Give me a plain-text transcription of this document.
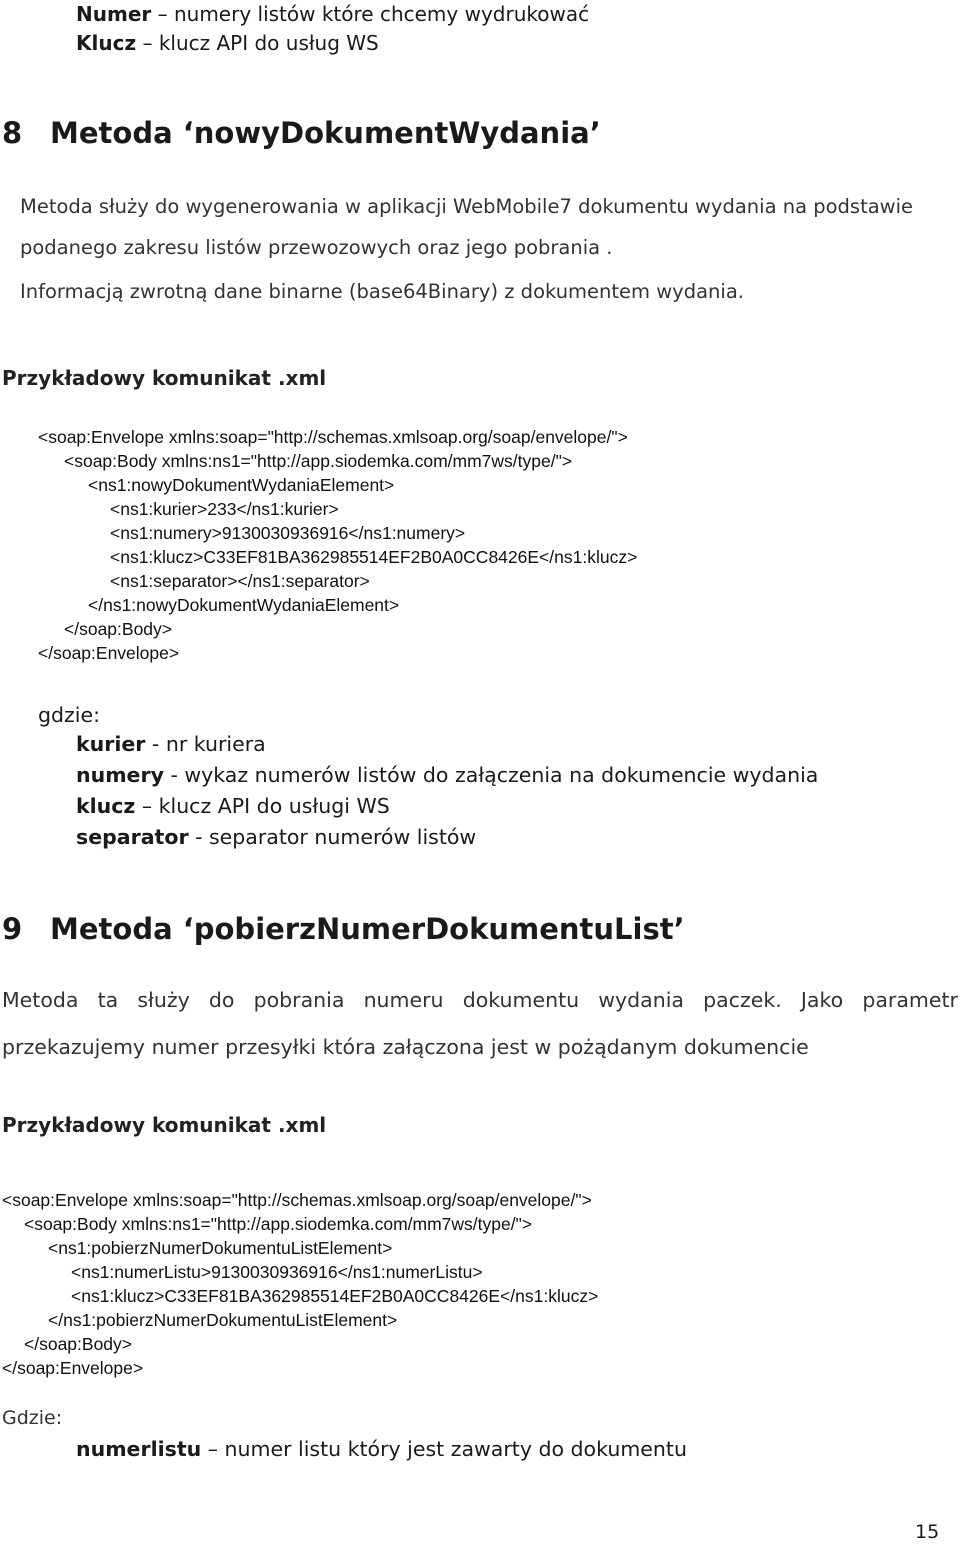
Numer – numery listów które chcemy wydrukować
Klucz – klucz API do usług WS
8 Metoda ‘nowyDokumentWydania’
Metoda służy do wygenerowania w aplikacji WebMobile7 dokumentu wydania na podstawie
podanego zakresu listów przewozowych oraz jego pobrania .
Informacją zwrotną dane binarne (base64Binary) z dokumentem wydania.
Przykładowy komunikat .xml
<soap:Envelope xmlns:soap="http://schemas.xmlsoap.org/soap/envelope/">
<soap:Body xmlns:ns1="http://app.siodemka.com/mm7ws/type/">
<ns1:nowyDokumentWydaniaElement>
<ns1:kurier>233</ns1:kurier>
<ns1:numery>9130030936916</ns1:numery>
<ns1:klucz>C33EF81BA362985514EF2B0A0CC8426E</ns1:klucz>
<ns1:separator></ns1:separator>
</ns1:nowyDokumentWydaniaElement>
</soap:Body>
</soap:Envelope>
gdzie:
kurier - nr kuriera
numery - wykaz numerów listów do załączenia na dokumencie wydania
klucz – klucz API do usługi WS
separator - separator numerów listów
9 Metoda ‘pobierzNumerDokumentuList’
Metoda ta służy do pobrania numeru dokumentu wydania paczek. Jako parametr
przekazujemy numer przesyłki która załączona jest w pożądanym dokumencie
Przykładowy komunikat .xml
<soap:Envelope xmlns:soap="http://schemas.xmlsoap.org/soap/envelope/">
<soap:Body xmlns:ns1="http://app.siodemka.com/mm7ws/type/">
<ns1:pobierzNumerDokumentuListElement>
<ns1:numerListu>9130030936916</ns1:numerListu>
<ns1:klucz>C33EF81BA362985514EF2B0A0CC8426E</ns1:klucz>
</ns1:pobierzNumerDokumentuListElement>
</soap:Body>
</soap:Envelope>
Gdzie:
numerlistu – numer listu który jest zawarty do dokumentu
15
